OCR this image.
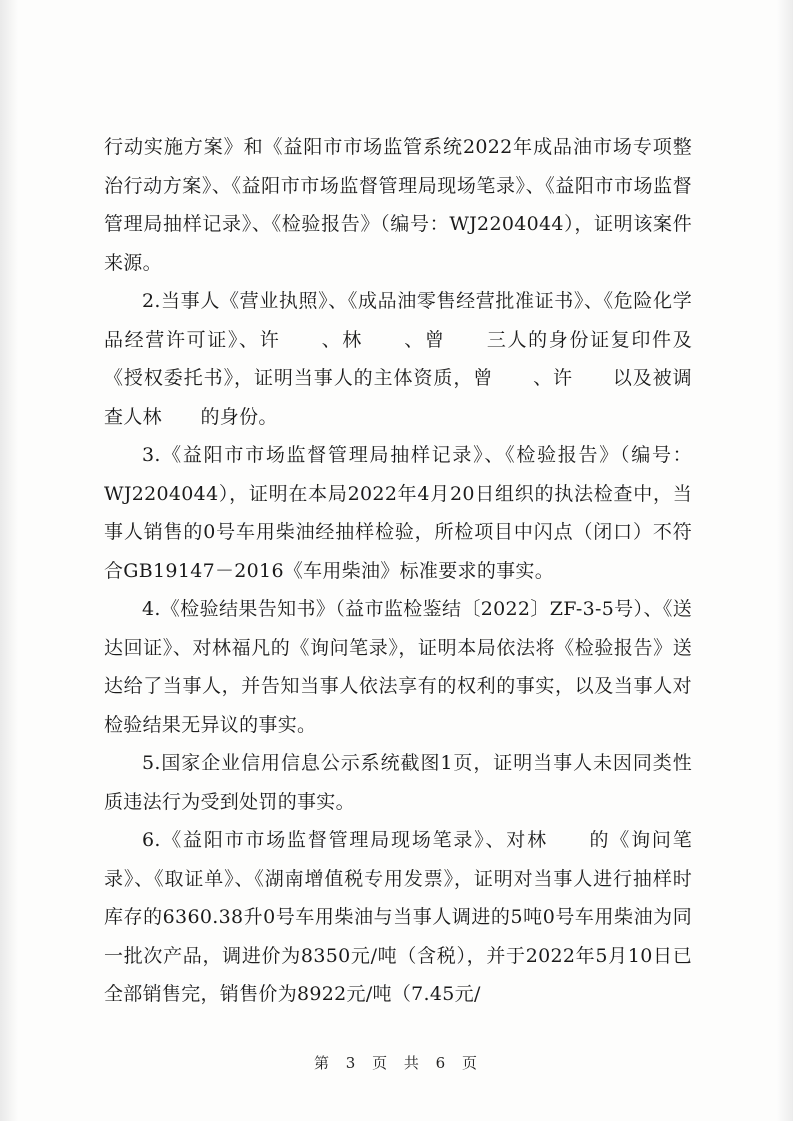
行动实施方案》和《益阳市市场监管系统2022年成品油市场专项整治行动方案》、《益阳市市场监督管理局现场笔录》、《益阳市市场监督管理局抽样记录》、《检验报告》（编号：WJ2204044），证明该案件来源。

2.当事人《营业执照》、《成品油零售经营批准证书》、《危险化学品经营许可证》、许　　、林　　、曾　　三人的身份证复印件及《授权委托书》，证明当事人的主体资质，曾　　、许　　以及被调查人林　　的身份。

3.《益阳市市场监督管理局抽样记录》、《检验报告》（编号：WJ2204044），证明在本局2022年4月20日组织的执法检查中，当事人销售的0号车用柴油经抽样检验，所检项目中闪点（闭口）不符合GB19147－2016《车用柴油》标准要求的事实。

4.《检验结果告知书》（益市监检鉴结〔2022〕ZF-3-5号）、《送达回证》、对林福凡的《询问笔录》，证明本局依法将《检验报告》送达给了当事人，并告知当事人依法享有的权利的事实，以及当事人对检验结果无异议的事实。

5.国家企业信用信息公示系统截图1页，证明当事人未因同类性质违法行为受到处罚的事实。

6.《益阳市市场监督管理局现场笔录》、对林　　的《询问笔录》、《取证单》、《湖南增值税专用发票》，证明对当事人进行抽样时库存的6360.38升0号车用柴油与当事人调进的5吨0号车用柴油为同一批次产品，调进价为8350元/吨（含税），并于2022年5月10日已全部销售完，销售价为8922元/吨（7.45元/

第 3 页 共 6 页
